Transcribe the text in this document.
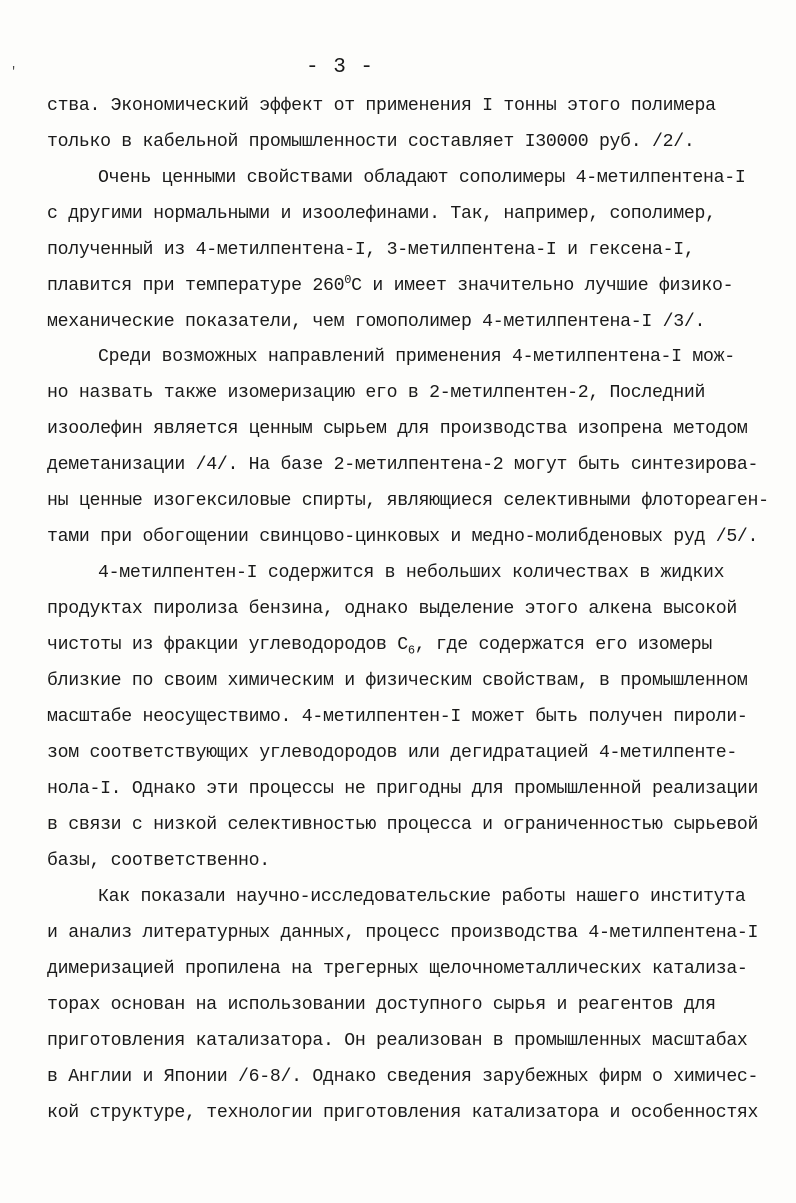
'	- 3 -
ства. Экономический эффект от применения I тонны этого полимера
только в кабельной промышленности составляет I30000 руб. /2/.
Очень ценными свойствами обладают сополимеры 4-метилпентена-I
с другими нормальными и изоолефинами. Так, например, сополимер,
полученный из 4-метилпентена-I, 3-метилпентена-I и гексена-I,
плавится при температуре $260^0С$ и имеет значительно лучшие физико-
механические показатели, чем гомополимер 4-метилпентена-I /3/.
Среди возможных направлений применения 4-метилпентена-I мож-
но назвать также изомеризацию его в 2-метилпентен-2, Последний
изоолефин является ценным сырьем для производства изопрена методом
деметанизации /4/. На базе 2-метилпентена-2 могут быть синтезирова-
ны ценные изогексиловые спирты, являющиеся селективными флотореаген-
тами при обогощении свинцово-цинковых и медно-молибденовых руд /5/.
4-метилпентен-I содержится в небольших количествах в жидких
продуктах пиролиза бензина, однако выделение этого алкена высокой
чистоты из фракции углеводородов $С_6$, где содержатся его изомеры
близкие по своим химическим и физическим свойствам, в промышленном
масштабе неосуществимо. 4-метилпентен-I может быть получен пироли-
зом соответствующих углеводородов или дегидратацией 4-метилпенте-
нола-I. Однако эти процессы не пригодны для промышленной реализации
в связи с низкой селективностью процесса и ограниченностью сырьевой
базы, соответственно.
Как показали научно-исследовательские работы нашего института
и анализ литературных данных, процесс производства 4-метилпентена-I
димеризацией пропилена на трегерных щелочнометаллических катализа-
торах основан на использовании доступного сырья и реагентов для
приготовления катализатора. Он реализован в промышленных масштабах
в Англии и Японии /6-8/. Однако сведения зарубежных фирм о химичес-
кой структуре, технологии приготовления катализатора и особенностях
